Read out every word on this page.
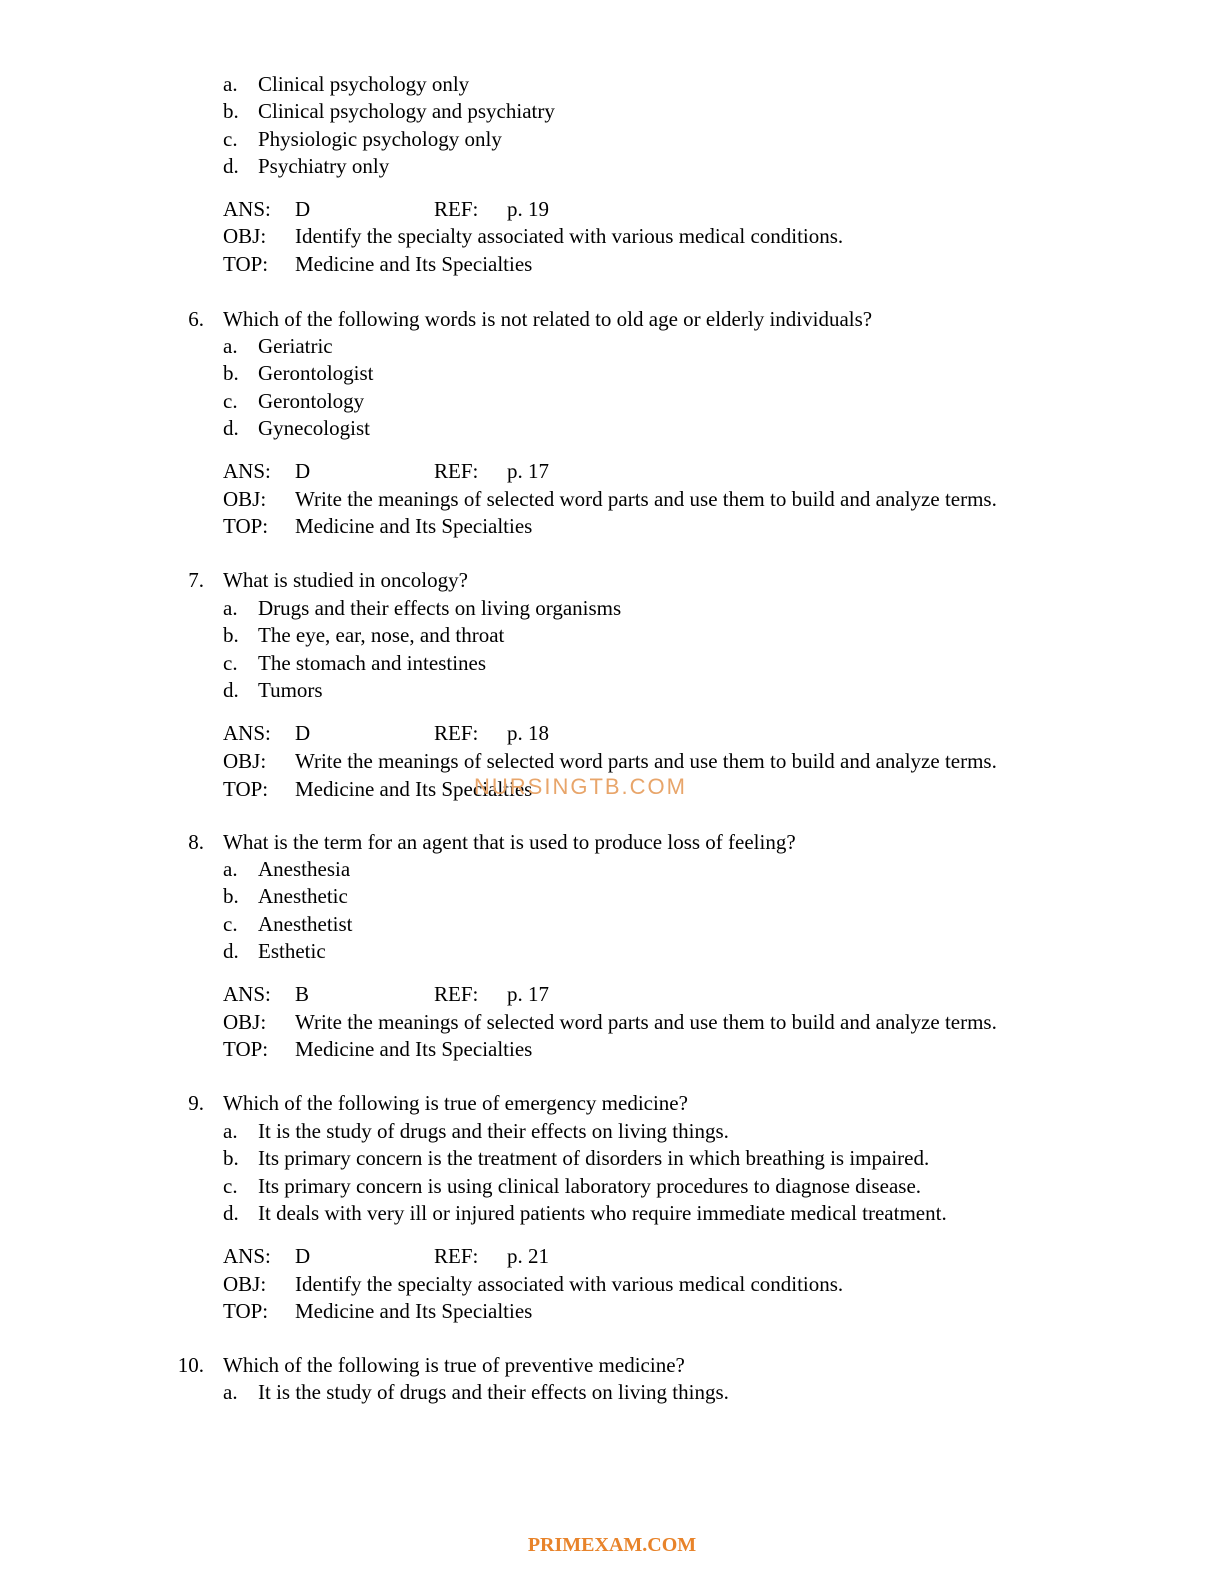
a. Clinical psychology only
b. Clinical psychology and psychiatry
c. Physiologic psychology only
d. Psychiatry only
ANS: D	REF: p. 19
OBJ: Identify the specialty associated with various medical conditions.
TOP: Medicine and Its Specialties
6. Which of the following words is not related to old age or elderly individuals?
a. Geriatric
b. Gerontologist
c. Gerontology
d. Gynecologist
ANS: D	REF: p. 17
OBJ: Write the meanings of selected word parts and use them to build and analyze terms.
TOP: Medicine and Its Specialties
7. What is studied in oncology?
a. Drugs and their effects on living organisms
b. The eye, ear, nose, and throat
c. The stomach and intestines
d. Tumors
ANS: D	REF: p. 18
OBJ: Write the meanings of selected word parts and use them to build and analyze terms.
TOP: Medicine and Its Specialties
8. What is the term for an agent that is used to produce loss of feeling?
a. Anesthesia
b. Anesthetic
c. Anesthetist
d. Esthetic
ANS: B	REF: p. 17
OBJ: Write the meanings of selected word parts and use them to build and analyze terms.
TOP: Medicine and Its Specialties
9. Which of the following is true of emergency medicine?
a. It is the study of drugs and their effects on living things.
b. Its primary concern is the treatment of disorders in which breathing is impaired.
c. Its primary concern is using clinical laboratory procedures to diagnose disease.
d. It deals with very ill or injured patients who require immediate medical treatment.
ANS: D	REF: p. 21
OBJ: Identify the specialty associated with various medical conditions.
TOP: Medicine and Its Specialties
10. Which of the following is true of preventive medicine?
a. It is the study of drugs and their effects on living things.
NURSINGTB.COM
PRIMEXAM.COM
